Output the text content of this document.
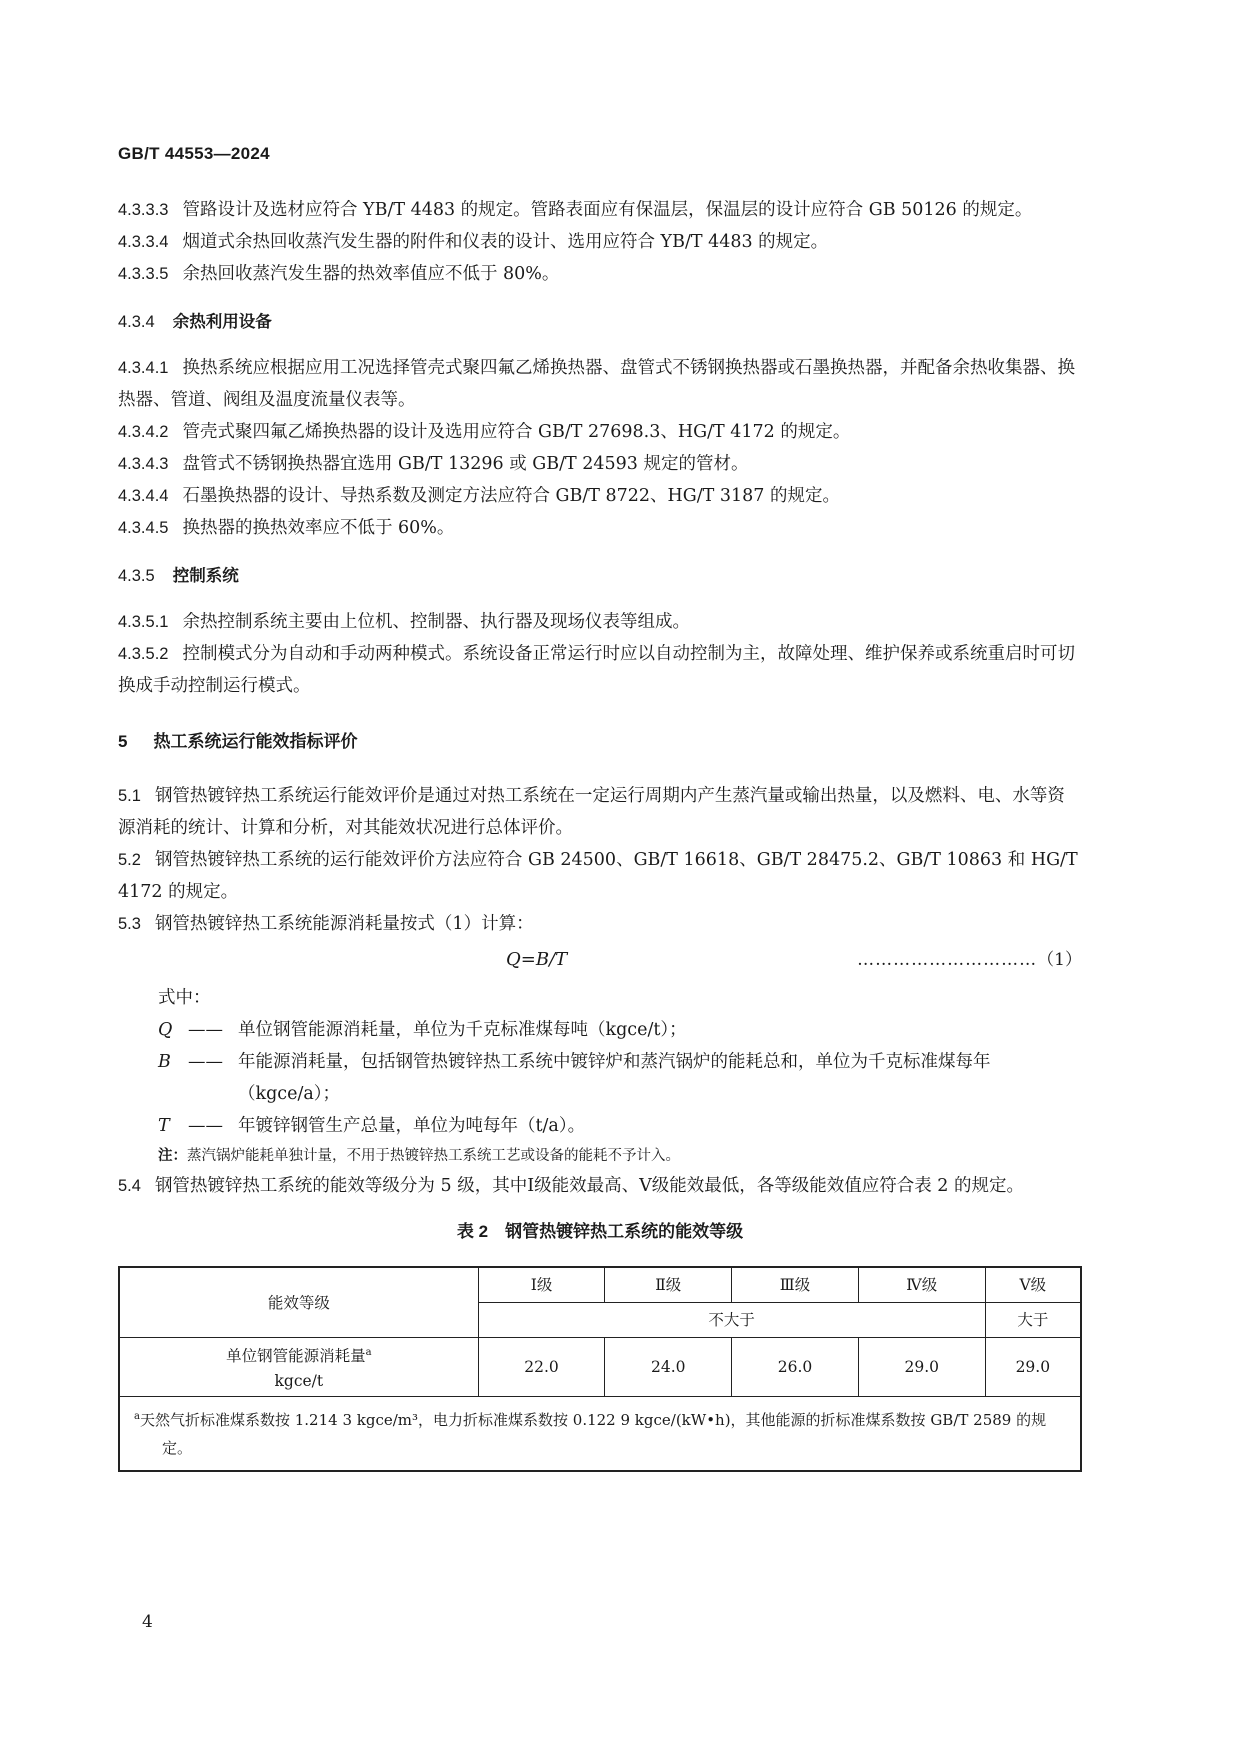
GB/T 44553—2024

4.3.3.3 管路设计及选材应符合 YB/T 4483 的规定。管路表面应有保温层，保温层的设计应符合 GB 50126 的规定。

4.3.3.4 烟道式余热回收蒸汽发生器的附件和仪表的设计、选用应符合 YB/T 4483 的规定。

4.3.3.5 余热回收蒸汽发生器的热效率值应不低于 80%。

4.3.4 余热利用设备

4.3.4.1 换热系统应根据应用工况选择管壳式聚四氟乙烯换热器、盘管式不锈钢换热器或石墨换热器，并配备余热收集器、换热器、管道、阀组及温度流量仪表等。

4.3.4.2 管壳式聚四氟乙烯换热器的设计及选用应符合 GB/T 27698.3、HG/T 4172 的规定。

4.3.4.3 盘管式不锈钢换热器宜选用 GB/T 13296 或 GB/T 24593 规定的管材。

4.3.4.4 石墨换热器的设计、导热系数及测定方法应符合 GB/T 8722、HG/T 3187 的规定。

4.3.4.5 换热器的换热效率应不低于 60%。

4.3.5 控制系统

4.3.5.1 余热控制系统主要由上位机、控制器、执行器及现场仪表等组成。

4.3.5.2 控制模式分为自动和手动两种模式。系统设备正常运行时应以自动控制为主，故障处理、维护保养或系统重启时可切换成手动控制运行模式。

5 热工系统运行能效指标评价

5.1 钢管热镀锌热工系统运行能效评价是通过对热工系统在一定运行周期内产生蒸汽量或输出热量，以及燃料、电、水等资源消耗的统计、计算和分析，对其能效状况进行总体评价。

5.2 钢管热镀锌热工系统的运行能效评价方法应符合 GB 24500、GB/T 16618、GB/T 28475.2、GB/T 10863 和 HG/T 4172 的规定。

5.3 钢管热镀锌热工系统能源消耗量按式（1）计算：

Q=B/T	…………………………（1）
式中：
Q —— 单位钢管能源消耗量，单位为千克标准煤每吨（kgce/t）；
B —— 年能源消耗量，包括钢管热镀锌热工系统中镀锌炉和蒸汽锅炉的能耗总和，单位为千克标准煤每年（kgce/a）；
T	—— 年镀锌钢管生产总量，单位为吨每年（t/a）。
注：蒸汽锅炉能耗单独计量，不用于热镀锌热工系统工艺或设备的能耗不予计入。

5.4 钢管热镀锌热工系统的能效等级分为 5 级，其中Ⅰ级能效最高、Ⅴ级能效最低，各等级能效值应符合表 2 的规定。

表 2　钢管热镀锌热工系统的能效等级
能效等级	Ⅰ级	Ⅱ级	Ⅲ级	Ⅳ级	Ⅴ级
	不大于				大于
单位钢管能源消耗量$^a$
kgce/t	22.0	24.0	26.0	29.0	29.0
$^a$天然气折标准煤系数按 1.214 3 kgce/m³，电力折标准煤系数按 0.122 9 kgce/(kW•h)，其他能源的折标准煤系数按 GB/T 2589 的规定。					
4
